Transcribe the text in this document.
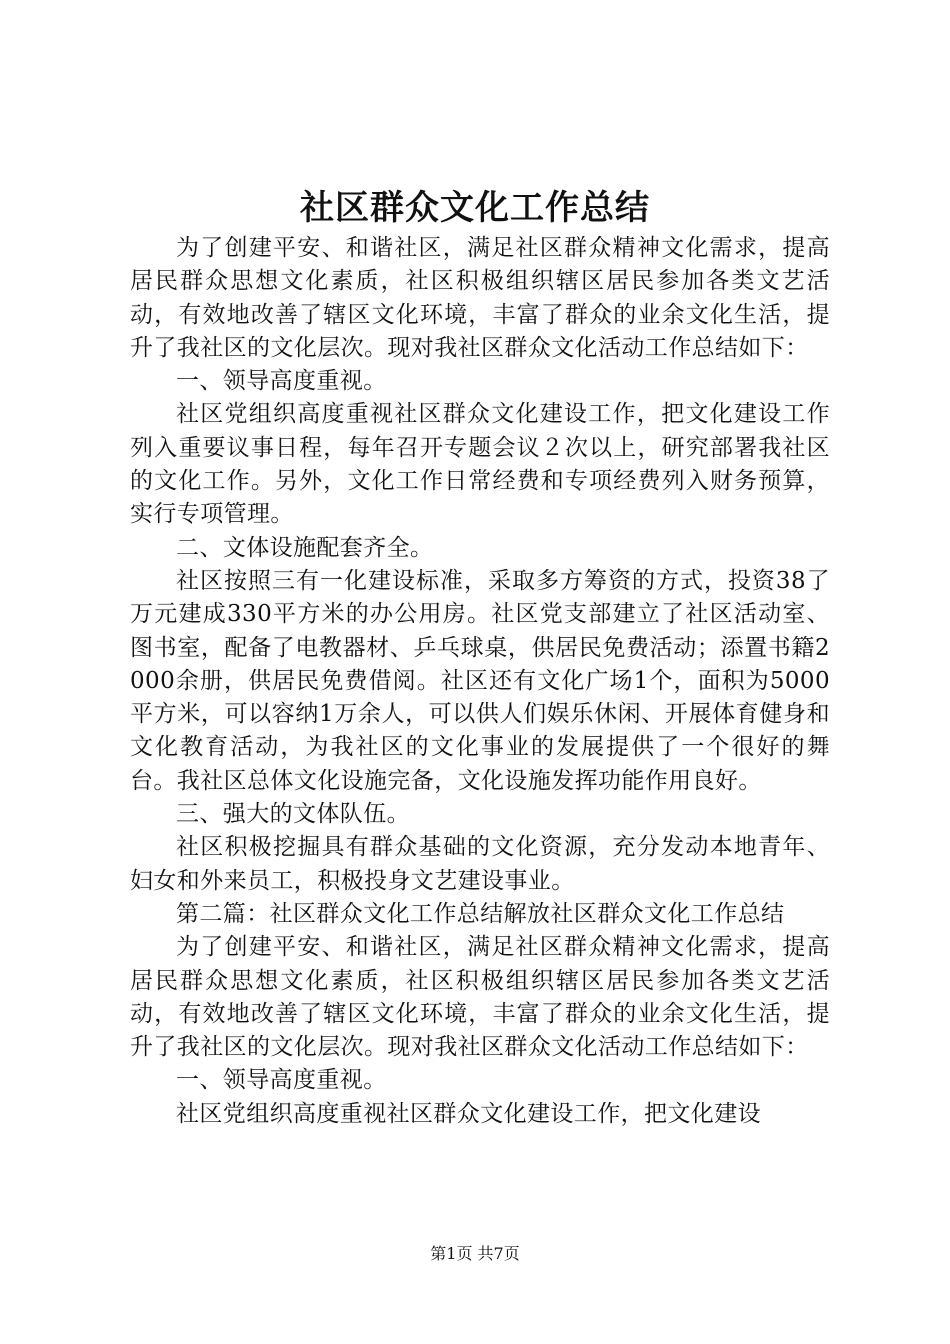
社区群众文化工作总结

为了创建平安、和谐社区，满足社区群众精神文化需求，提高居民群众思想文化素质，社区积极组织辖区居民参加各类文艺活动，有效地改善了辖区文化环境，丰富了群众的业余文化生活，提升了我社区的文化层次。现对我社区群众文化活动工作总结如下：

一、领导高度重视。

社区党组织高度重视社区群众文化建设工作，把文化建设工作列入重要议事日程，每年召开专题会议２次以上，研究部署我社区的文化工作。另外，文化工作日常经费和专项经费列入财务预算，实行专项管理。

二、文体设施配套齐全。

社区按照三有一化建设标准，采取多方筹资的方式，投资38了万元建成330平方米的办公用房。社区党支部建立了社区活动室、图书室，配备了电教器材、乒乓球桌，供居民免费活动；添置书籍2000余册，供居民免费借阅。社区还有文化广场1个，面积为5000平方米，可以容纳1万余人，可以供人们娱乐休闲、开展体育健身和文化教育活动，为我社区的文化事业的发展提供了一个很好的舞台。我社区总体文化设施完备，文化设施发挥功能作用良好。

三、强大的文体队伍。

社区积极挖掘具有群众基础的文化资源，充分发动本地青年、妇女和外来员工，积极投身文艺建设事业。

第二篇：社区群众文化工作总结解放社区群众文化工作总结

为了创建平安、和谐社区，满足社区群众精神文化需求，提高居民群众思想文化素质，社区积极组织辖区居民参加各类文艺活动，有效地改善了辖区文化环境，丰富了群众的业余文化生活，提升了我社区的文化层次。现对我社区群众文化活动工作总结如下：

一、领导高度重视。

社区党组织高度重视社区群众文化建设工作，把文化建设

第1页 共7页
